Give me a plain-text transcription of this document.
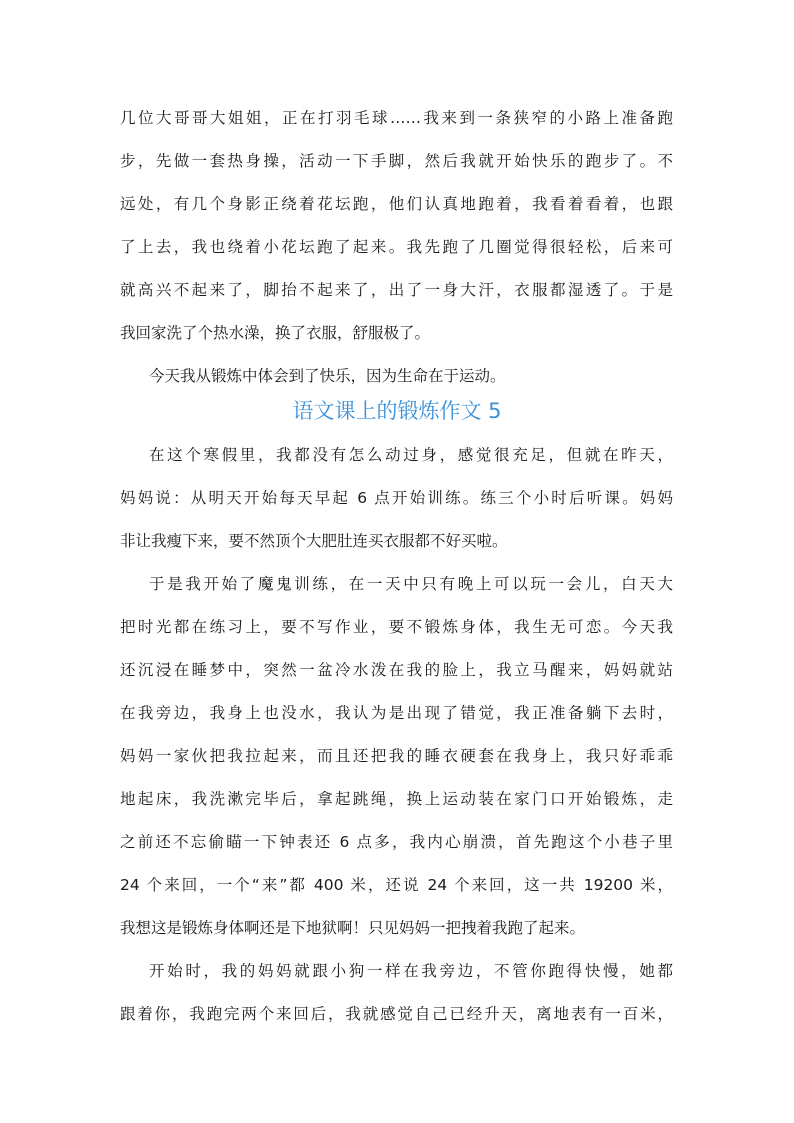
几位大哥哥大姐姐，正在打羽毛球……我来到一条狭窄的小路上准备跑
步，先做一套热身操，活动一下手脚，然后我就开始快乐的跑步了。不
远处，有几个身影正绕着花坛跑，他们认真地跑着，我看着看着，也跟
了上去，我也绕着小花坛跑了起来。我先跑了几圈觉得很轻松，后来可
就高兴不起来了，脚抬不起来了，出了一身大汗，衣服都湿透了。于是
我回家洗了个热水澡，换了衣服，舒服极了。
今天我从锻炼中体会到了快乐，因为生命在于运动。
语文课上的锻炼作文 5
在这个寒假里，我都没有怎么动过身，感觉很充足，但就在昨天，
妈妈说：从明天开始每天早起 6 点开始训练。练三个小时后听课。妈妈
非让我瘦下来，要不然顶个大肥肚连买衣服都不好买啦。
于是我开始了魔鬼训练，在一天中只有晚上可以玩一会儿，白天大
把时光都在练习上，要不写作业，要不锻炼身体，我生无可恋。今天我
还沉浸在睡梦中，突然一盆冷水泼在我的脸上，我立马醒来，妈妈就站
在我旁边，我身上也没水，我认为是出现了错觉，我正准备躺下去时，
妈妈一家伙把我拉起来，而且还把我的睡衣硬套在我身上，我只好乖乖
地起床，我洗漱完毕后，拿起跳绳，换上运动装在家门口开始锻炼，走
之前还不忘偷瞄一下钟表还 6 点多，我内心崩溃，首先跑这个小巷子里
24 个来回，一个“来”都 400 米，还说 24 个来回，这一共 19200 米，
我想这是锻炼身体啊还是下地狱啊！只见妈妈一把拽着我跑了起来。
开始时，我的妈妈就跟小狗一样在我旁边，不管你跑得快慢，她都
跟着你，我跑完两个来回后，我就感觉自己已经升天，离地表有一百米，
